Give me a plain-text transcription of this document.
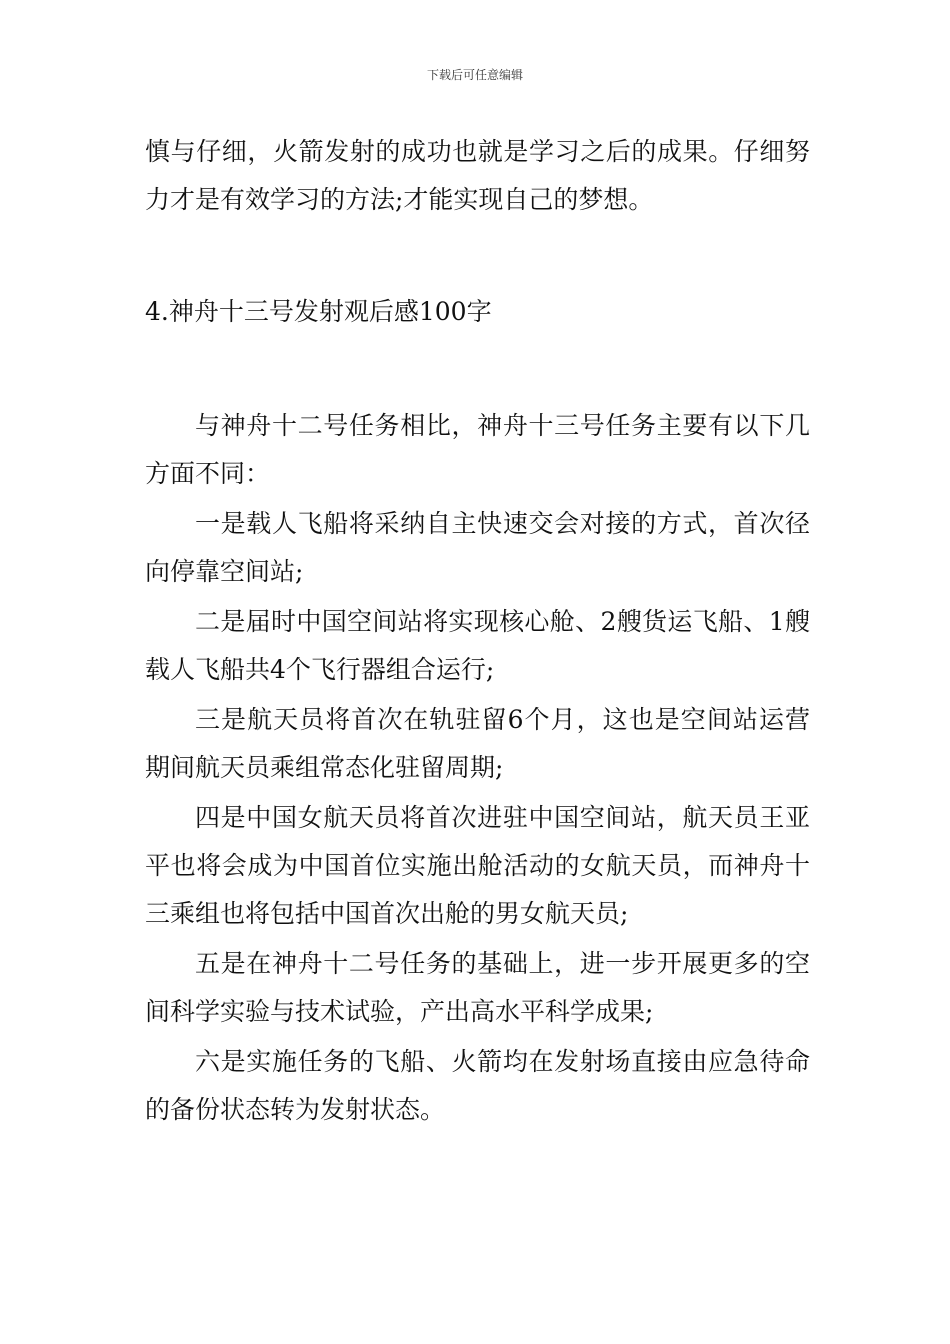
下载后可任意编辑

慎与仔细，火箭发射的成功也就是学习之后的成果。仔细努力才是有效学习的方法;才能实现自己的梦想。

4.神舟十三号发射观后感100字

与神舟十二号任务相比，神舟十三号任务主要有以下几方面不同：

一是载人飞船将采纳自主快速交会对接的方式，首次径向停靠空间站;

二是届时中国空间站将实现核心舱、2艘货运飞船、1艘载人飞船共4个飞行器组合运行;

三是航天员将首次在轨驻留6个月，这也是空间站运营期间航天员乘组常态化驻留周期;

四是中国女航天员将首次进驻中国空间站，航天员王亚平也将会成为中国首位实施出舱活动的女航天员，而神舟十三乘组也将包括中国首次出舱的男女航天员;

五是在神舟十二号任务的基础上，进一步开展更多的空间科学实验与技术试验，产出高水平科学成果;

六是实施任务的飞船、火箭均在发射场直接由应急待命的备份状态转为发射状态。
